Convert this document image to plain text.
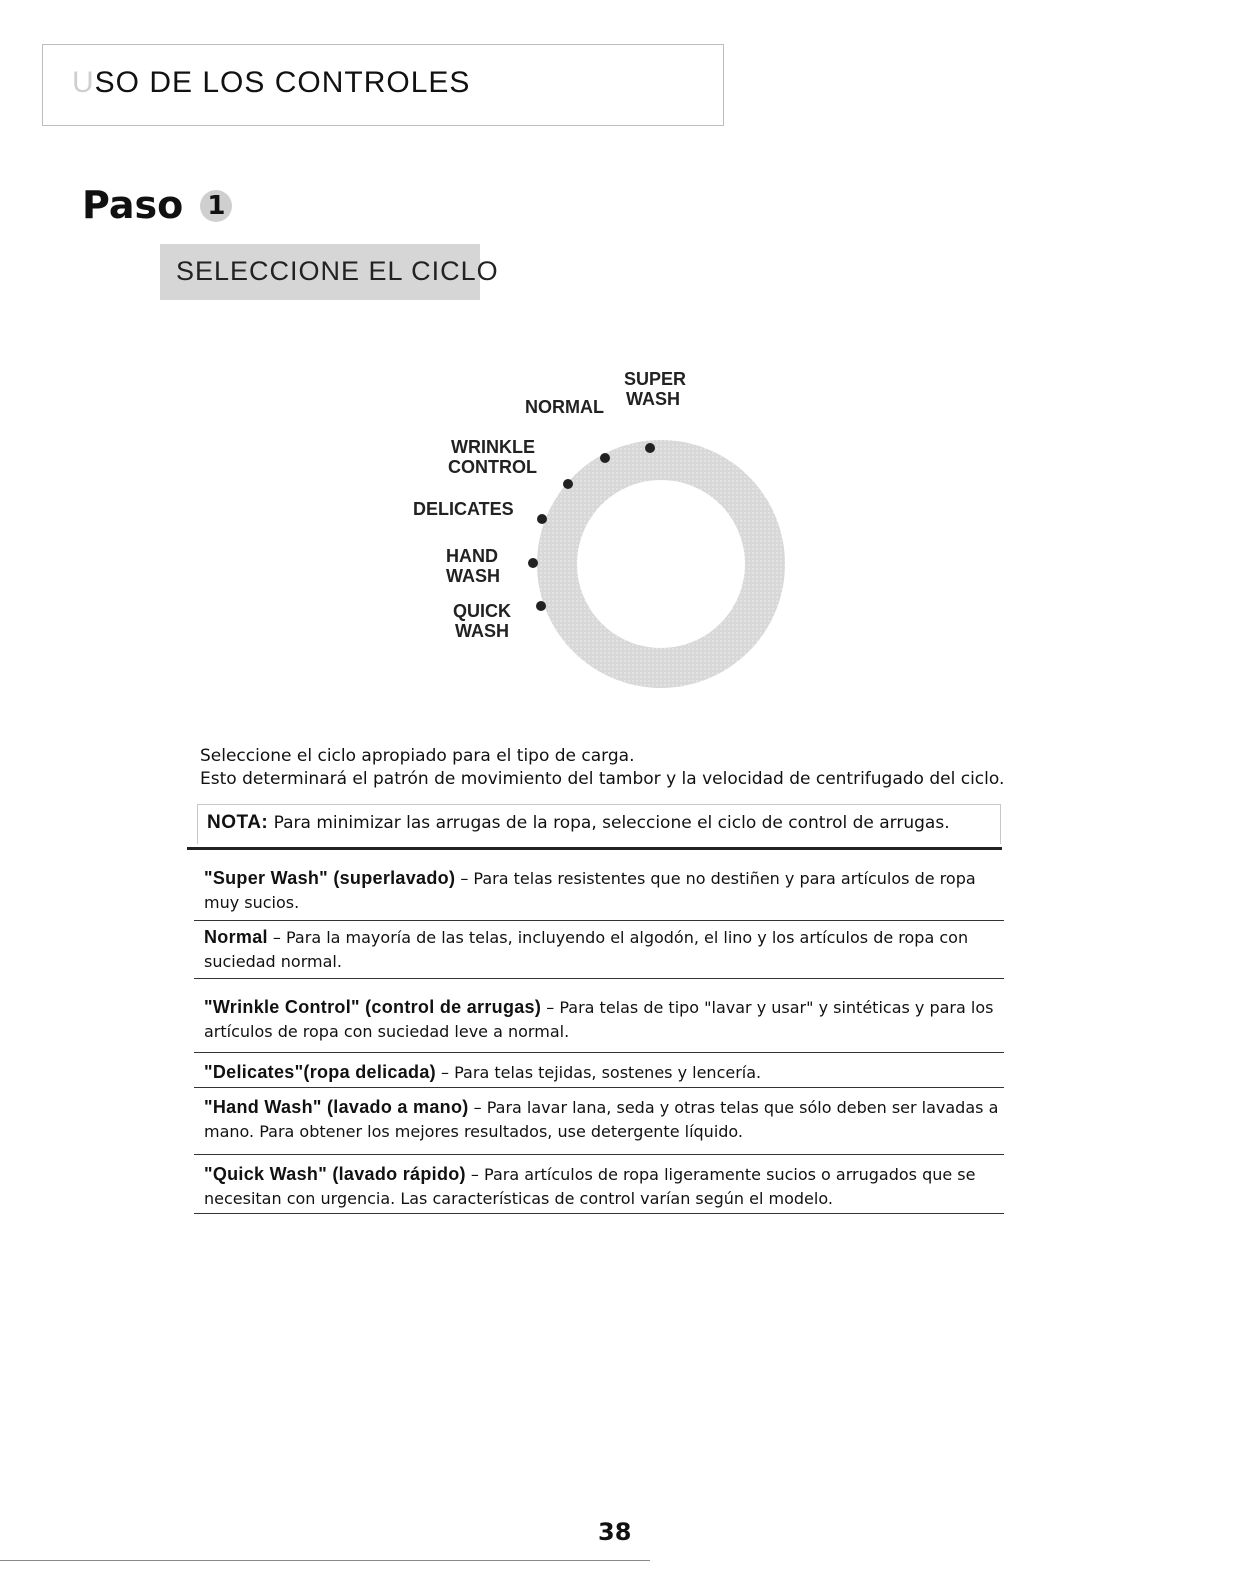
USO DE LOS CONTROLES
Paso 1
SELECCIONE EL CICLO
SUPER
WASH
NORMAL
WRINKLE
CONTROL
DELICATES
HAND
WASH
QUICK
WASH
Seleccione el ciclo apropiado para el tipo de carga.
Esto determinará el patrón de movimiento del tambor y la velocidad de centrifugado del ciclo.
NOTA: Para minimizar las arrugas de la ropa, seleccione el ciclo de control de arrugas.
"Super Wash" (superlavado) – Para telas resistentes que no destiñen y para artículos de ropa muy sucios.
Normal – Para la mayoría de las telas, incluyendo el algodón, el lino y los artículos de ropa con suciedad normal.
"Wrinkle Control" (control de arrugas) – Para telas de tipo "lavar y usar" y sintéticas y para los artículos de ropa con suciedad leve a normal.
"Delicates"(ropa delicada) – Para telas tejidas, sostenes y lencería.
"Hand Wash" (lavado a mano) – Para lavar lana, seda y otras telas que sólo deben ser lavadas a mano. Para obtener los mejores resultados, use detergente líquido.
"Quick Wash" (lavado rápido) – Para artículos de ropa ligeramente sucios o arrugados que se necesitan con urgencia. Las características de control varían según el modelo.
38
